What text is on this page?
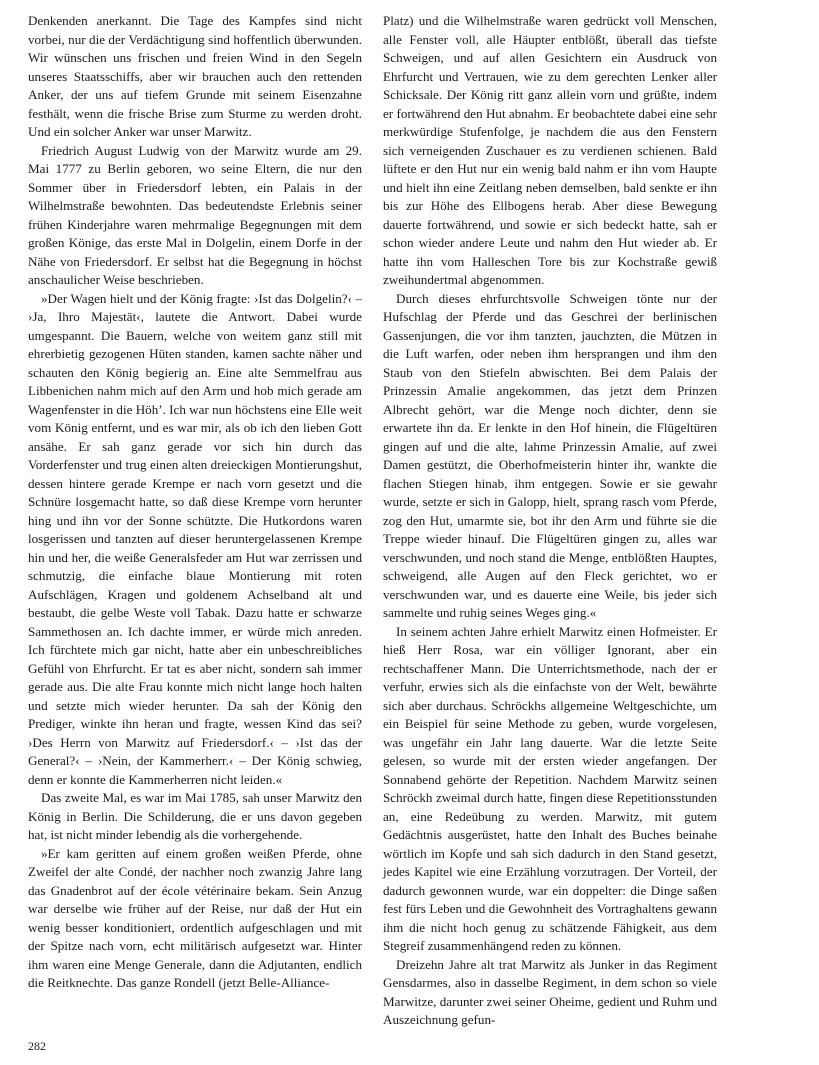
Denkenden anerkannt. Die Tage des Kampfes sind nicht vorbei, nur die der Verdächtigung sind hoffentlich überwunden. Wir wünschen uns frischen und freien Wind in den Segeln unseres Staatsschiffs, aber wir brauchen auch den rettenden Anker, der uns auf tiefem Grunde mit seinem Eisenzahne festhält, wenn die frische Brise zum Sturme zu werden droht. Und ein solcher Anker war unser Marwitz.

Friedrich August Ludwig von der Marwitz wurde am 29. Mai 1777 zu Berlin geboren, wo seine Eltern, die nur den Sommer über in Friedersdorf lebten, ein Palais in der Wilhelmstraße bewohnten. Das bedeutendste Erlebnis seiner frühen Kinderjahre waren mehrmalige Begegnungen mit dem großen Könige, das erste Mal in Dolgelin, einem Dorfe in der Nähe von Friedersdorf. Er selbst hat die Begegnung in höchst anschaulicher Weise beschrieben.

»Der Wagen hielt und der König fragte: ›Ist das Dolgelin?‹ – ›Ja, Ihro Majestät‹, lautete die Antwort. Dabei wurde umgespannt. Die Bauern, welche von weitem ganz still mit ehrerbietig gezogenen Hüten standen, kamen sachte näher und schauten den König begierig an. Eine alte Semmelfrau aus Libbenichen nahm mich auf den Arm und hob mich gerade am Wagenfenster in die Höh’. Ich war nun höchstens eine Elle weit vom König entfernt, und es war mir, als ob ich den lieben Gott ansähe. Er sah ganz gerade vor sich hin durch das Vorderfenster und trug einen alten dreieckigen Montierungshut, dessen hintere gerade Krempe er nach vorn gesetzt und die Schnüre losgemacht hatte, so daß diese Krempe vorn herunter hing und ihn vor der Sonne schützte. Die Hutkordons waren losgerissen und tanzten auf dieser heruntergelassenen Krempe hin und her, die weiße Generalsfeder am Hut war zerrissen und schmutzig, die einfache blaue Montierung mit roten Aufschlägen, Kragen und goldenem Achselband alt und bestaubt, die gelbe Weste voll Tabak. Dazu hatte er schwarze Sammethosen an. Ich dachte immer, er würde mich anreden. Ich fürchtete mich gar nicht, hatte aber ein unbeschreibliches Gefühl von Ehrfurcht. Er tat es aber nicht, sondern sah immer gerade aus. Die alte Frau konnte mich nicht lange hoch halten und setzte mich wieder herunter. Da sah der König den Prediger, winkte ihn heran und fragte, wessen Kind das sei? ›Des Herrn von Marwitz auf Friedersdorf.‹ – ›Ist das der General?‹ – ›Nein, der Kammerherr.‹ – Der König schwieg, denn er konnte die Kammerherren nicht leiden.«

Das zweite Mal, es war im Mai 1785, sah unser Marwitz den König in Berlin. Die Schilderung, die er uns davon gegeben hat, ist nicht minder lebendig als die vorhergehende.

»Er kam geritten auf einem großen weißen Pferde, ohne Zweifel der alte Condé, der nachher noch zwanzig Jahre lang das Gnadenbrot auf der école vétérinaire bekam. Sein Anzug war derselbe wie früher auf der Reise, nur daß der Hut ein wenig besser konditioniert, ordentlich aufgeschlagen und mit der Spitze nach vorn, echt militärisch aufgesetzt war. Hinter ihm waren eine Menge Generale, dann die Adjutanten, endlich die Reitknechte. Das ganze Rondell (jetzt Belle-Alliance-

Platz) und die Wilhelmstraße waren gedrückt voll Menschen, alle Fenster voll, alle Häupter entblößt, überall das tiefste Schweigen, und auf allen Gesichtern ein Ausdruck von Ehrfurcht und Vertrauen, wie zu dem gerechten Lenker aller Schicksale. Der König ritt ganz allein vorn und grüßte, indem er fortwährend den Hut abnahm. Er beobachtete dabei eine sehr merkwürdige Stufenfolge, je nachdem die aus den Fenstern sich verneigenden Zuschauer es zu verdienen schienen. Bald lüftete er den Hut nur ein wenig bald nahm er ihn vom Haupte und hielt ihn eine Zeitlang neben demselben, bald senkte er ihn bis zur Höhe des Ellbogens herab. Aber diese Bewegung dauerte fortwährend, und sowie er sich bedeckt hatte, sah er schon wieder andere Leute und nahm den Hut wieder ab. Er hatte ihn vom Halleschen Tore bis zur Kochstraße gewiß zweihundertmal abgenommen.

Durch dieses ehrfurchtsvolle Schweigen tönte nur der Hufschlag der Pferde und das Geschrei der berlinischen Gassenjungen, die vor ihm tanzten, jauchzten, die Mützen in die Luft warfen, oder neben ihm hersprangen und ihm den Staub von den Stiefeln abwischten. Bei dem Palais der Prinzessin Amalie angekommen, das jetzt dem Prinzen Albrecht gehört, war die Menge noch dichter, denn sie erwartete ihn da. Er lenkte in den Hof hinein, die Flügeltüren gingen auf und die alte, lahme Prinzessin Amalie, auf zwei Damen gestützt, die Oberhofmeisterin hinter ihr, wankte die flachen Stiegen hinab, ihm entgegen. Sowie er sie gewahr wurde, setzte er sich in Galopp, hielt, sprang rasch vom Pferde, zog den Hut, umarmte sie, bot ihr den Arm und führte sie die Treppe wieder hinauf. Die Flügeltüren gingen zu, alles war verschwunden, und noch stand die Menge, entblößten Hauptes, schweigend, alle Augen auf den Fleck gerichtet, wo er verschwunden war, und es dauerte eine Weile, bis jeder sich sammelte und ruhig seines Weges ging.«

In seinem achten Jahre erhielt Marwitz einen Hofmeister. Er hieß Herr Rosa, war ein völliger Ignorant, aber ein rechtschaffener Mann. Die Unterrichtsmethode, nach der er verfuhr, erwies sich als die einfachste von der Welt, bewährte sich aber durchaus. Schröckhs allgemeine Weltgeschichte, um ein Beispiel für seine Methode zu geben, wurde vorgelesen, was ungefähr ein Jahr lang dauerte. War die letzte Seite gelesen, so wurde mit der ersten wieder angefangen. Der Sonnabend gehörte der Repetition. Nachdem Marwitz seinen Schröckh zweimal durch hatte, fingen diese Repetitionsstunden an, eine Redeübung zu werden. Marwitz, mit gutem Gedächtnis ausgerüstet, hatte den Inhalt des Buches beinahe wörtlich im Kopfe und sah sich dadurch in den Stand gesetzt, jedes Kapitel wie eine Erzählung vorzutragen. Der Vorteil, der dadurch gewonnen wurde, war ein doppelter: die Dinge saßen fest fürs Leben und die Gewohnheit des Vortraghaltens gewann ihm die nicht hoch genug zu schätzende Fähigkeit, aus dem Stegreif zusammenhängend reden zu können.

Dreizehn Jahre alt trat Marwitz als Junker in das Regiment Gensdarmes, also in dasselbe Regiment, in dem schon so viele Marwitze, darunter zwei seiner Oheime, gedient und Ruhm und Auszeichnung gefun-

282
